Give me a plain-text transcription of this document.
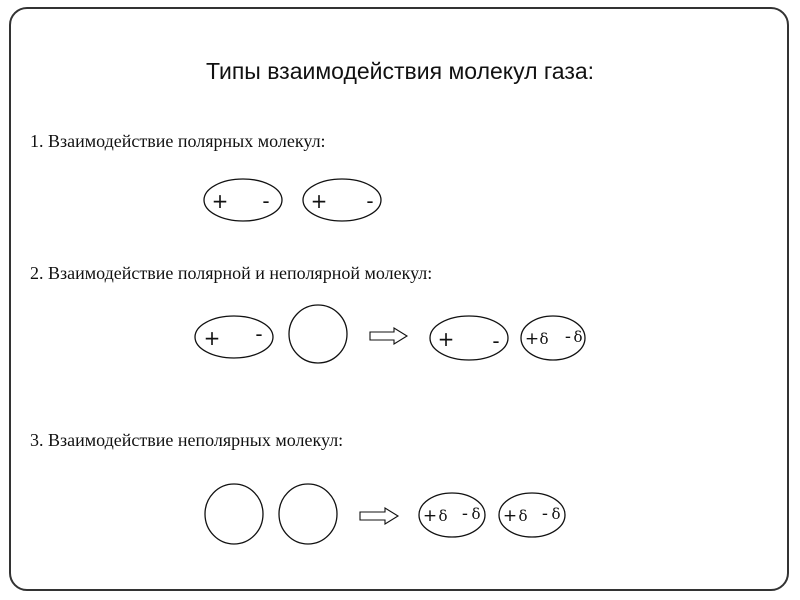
Типы взаимодействия молекул газа:
1. Взаимодействие полярных молекул:
2. Взаимодействие полярной и неполярной молекул:
3. Взаимодействие неполярных молекул:
+ - + -
+ -	+ - + δ - δ
+ δ - δ + δ - δ
